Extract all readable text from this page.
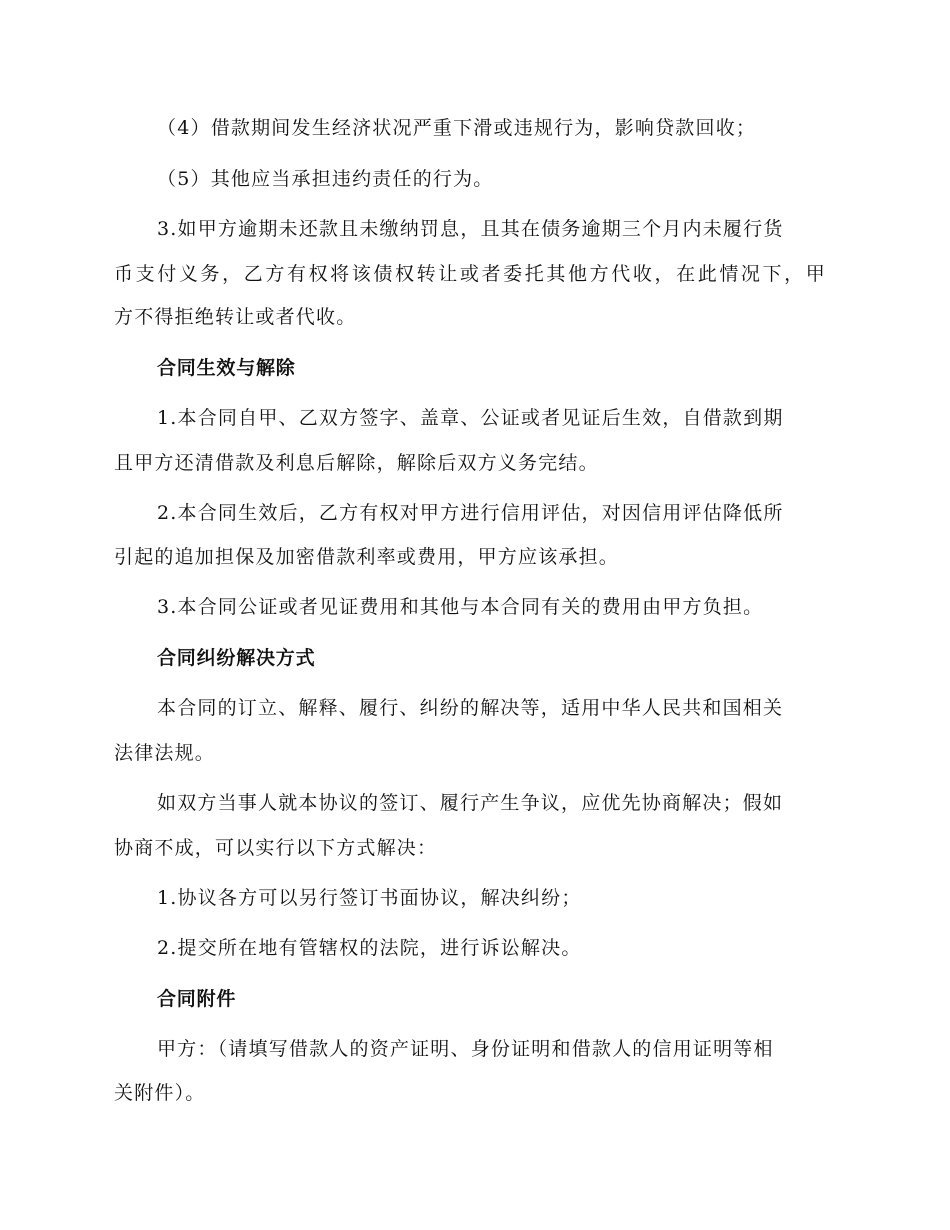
（4）借款期间发生经济状况严重下滑或违规行为，影响贷款回收；
（5）其他应当承担违约责任的行为。
3.如甲方逾期未还款且未缴纳罚息，且其在债务逾期三个月内未履行货
币支付义务，乙方有权将该债权转让或者委托其他方代收，在此情况下，甲
方不得拒绝转让或者代收。
合同生效与解除
1.本合同自甲、乙双方签字、盖章、公证或者见证后生效，自借款到期
且甲方还清借款及利息后解除，解除后双方义务完结。
2.本合同生效后，乙方有权对甲方进行信用评估，对因信用评估降低所
引起的追加担保及加密借款利率或费用，甲方应该承担。
3.本合同公证或者见证费用和其他与本合同有关的费用由甲方负担。
合同纠纷解决方式
本合同的订立、解释、履行、纠纷的解决等，适用中华人民共和国相关
法律法规。
如双方当事人就本协议的签订、履行产生争议，应优先协商解决；假如
协商不成，可以实行以下方式解决：
1.协议各方可以另行签订书面协议，解决纠纷；
2.提交所在地有管辖权的法院，进行诉讼解决。
合同附件
甲方：（请填写借款人的资产证明、身份证明和借款人的信用证明等相
关附件）。
